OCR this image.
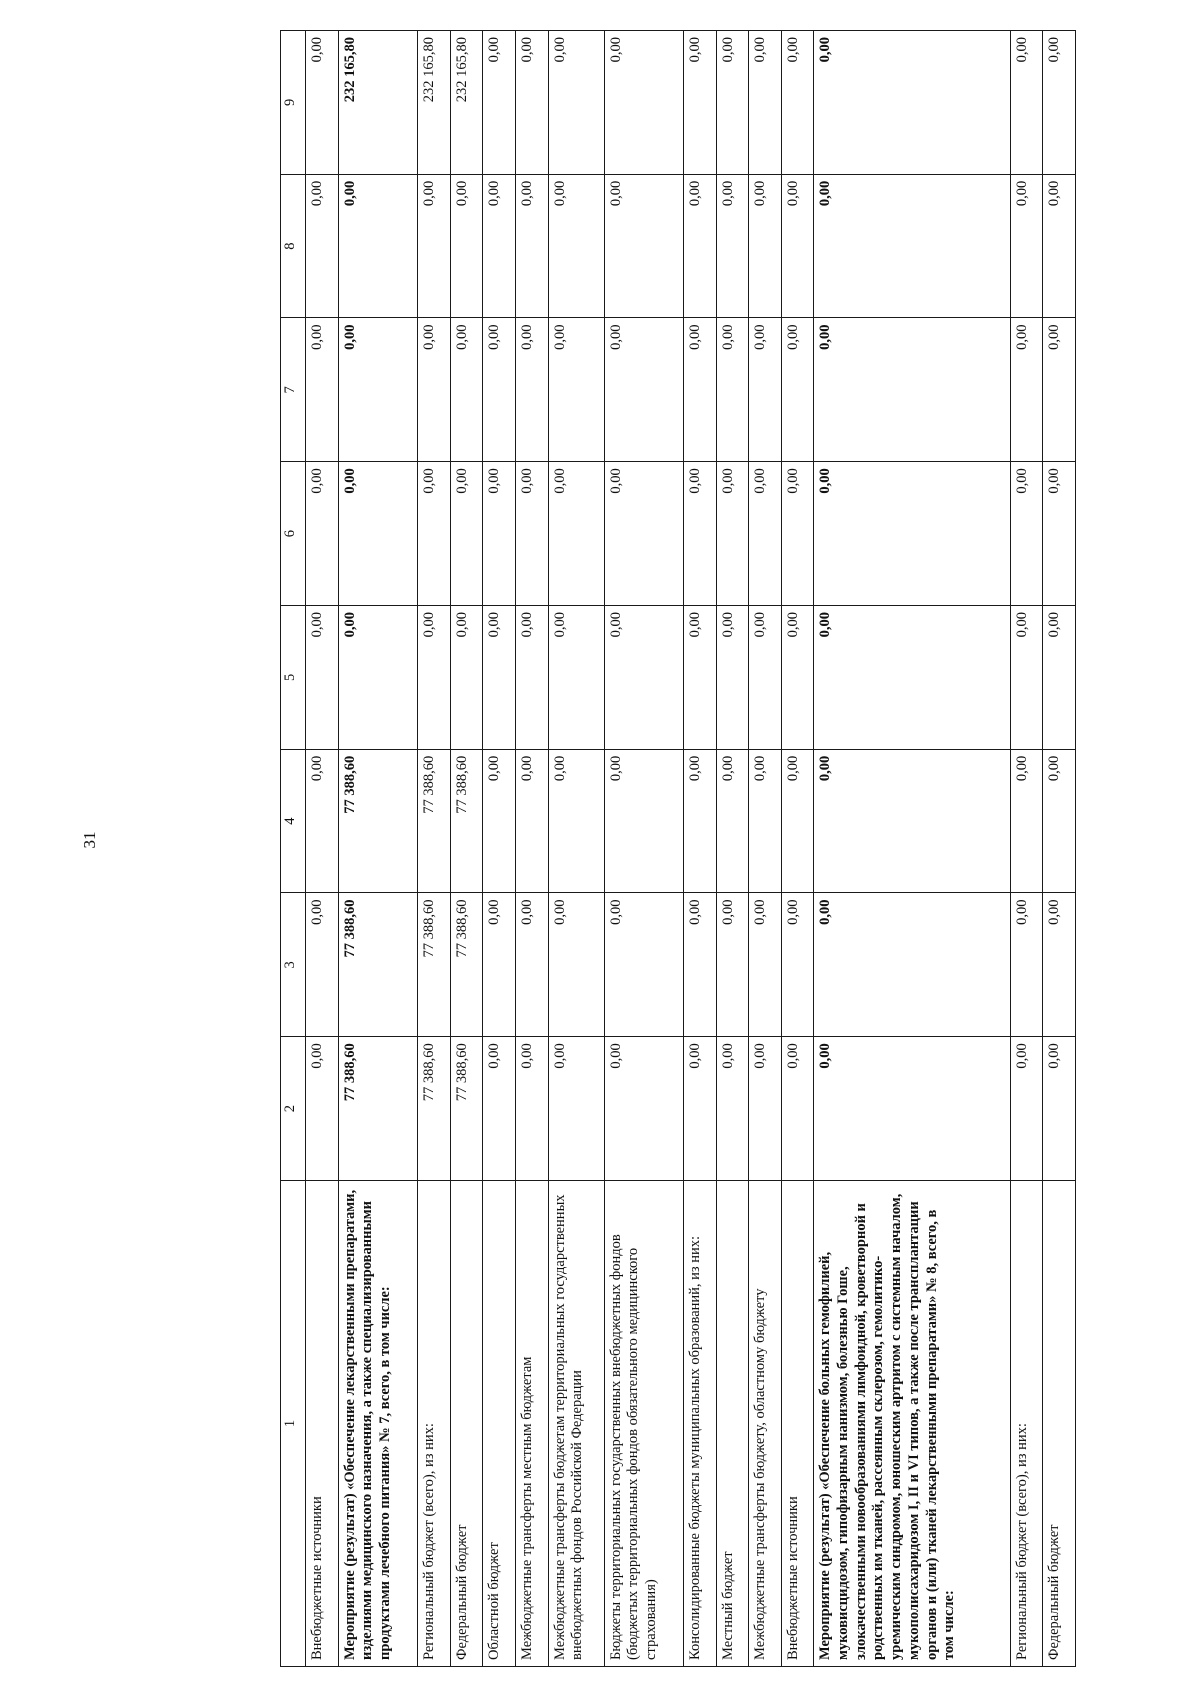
31
1	2	3	4	5	6	7	8	9
Внебюджетные источники	0,00	0,00	0,00	0,00	0,00	0,00	0,00	0,00
Мероприятие (результат) «Обеспечение лекарственными препаратами, изделиями медицинского назначения, а также специализированными продуктами лечебного питания» № 7, всего, в том числе:	77 388,60	77 388,60	77 388,60	0,00	0,00	0,00	0,00	232 165,80
Региональный бюджет (всего), из них:	77 388,60	77 388,60	77 388,60	0,00	0,00	0,00	0,00	232 165,80
Федеральный бюджет	77 388,60	77 388,60	77 388,60	0,00	0,00	0,00	0,00	232 165,80
Областной бюджет	0,00	0,00	0,00	0,00	0,00	0,00	0,00	0,00
Межбюджетные трансферты местным бюджетам	0,00	0,00	0,00	0,00	0,00	0,00	0,00	0,00
Межбюджетные трансферты бюджетам территориальных государственных внебюджетных фондов Российской Федерации	0,00	0,00	0,00	0,00	0,00	0,00	0,00	0,00
Бюджеты территориальных государственных внебюджетных фондов (бюджетых территориальных фондов обязательного медицинского страхования)	0,00	0,00	0,00	0,00	0,00	0,00	0,00	0,00
Консолидированные бюджеты муниципальных образований, из них:	0,00	0,00	0,00	0,00	0,00	0,00	0,00	0,00
Местный бюджет	0,00	0,00	0,00	0,00	0,00	0,00	0,00	0,00
Межбюджетные трансферты бюджету, областному бюджету	0,00	0,00	0,00	0,00	0,00	0,00	0,00	0,00
Внебюджетные источники	0,00	0,00	0,00	0,00	0,00	0,00	0,00	0,00
Мероприятие (результат) «Обеспечение больных гемофилией, муковисцидозом, гипофизарным нанизмом, болезнью Гоше, злокачественными новообразованиями лимфоидной, кроветворной и родственных им тканей, рассеянным склерозом, гемолитико-уремическим синдромом, юношеским артритом с системным началом, мукополисахаридозом I, II и VI типов, а также после трансплантации органов и (или) тканей лекарственными препаратами» № 8, всего, в том числе:	0,00	0,00	0,00	0,00	0,00	0,00	0,00	0,00
Региональный бюджет (всего), из них:	0,00	0,00	0,00	0,00	0,00	0,00	0,00	0,00
Федеральный бюджет	0,00	0,00	0,00	0,00	0,00	0,00	0,00	0,00
